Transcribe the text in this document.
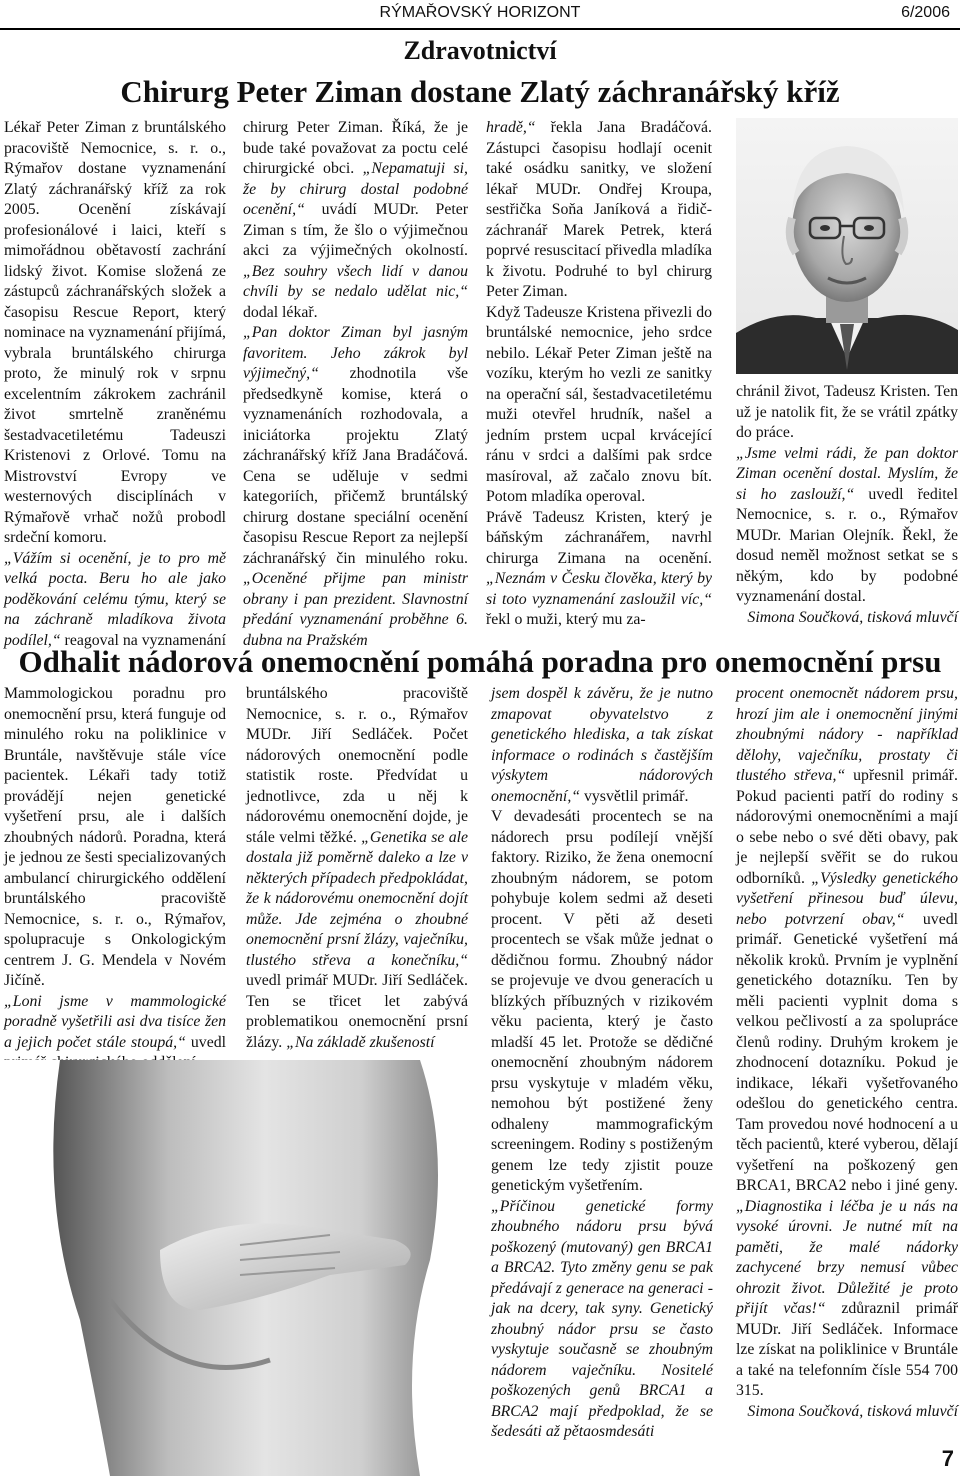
RÝMAŘOVSKÝ HORIZONT	6/2006
Zdravotnictví
Chirurg Peter Ziman dostane Zlatý záchranářský kříž

Lékař Peter Ziman z bruntálského pracoviště Nemocnice, s. r. o., Rýmařov dostane vyznamenání Zlatý záchranářský kříž za rok 2005. Ocenění získávají profesionálové i laici, kteří s mimořádnou obětavostí zachrání lidský život. Komise složená ze zástupců záchranářských složek a časopisu Rescue Report, který nominace na vyznamenání přijímá, vybrala bruntálského chirurga proto, že minulý rok v srpnu excelentním zákrokem zachránil život smrtelně zraněnému šestadvacetiletému Tadeuszi Kristenovi z Orlové. Tomu na Mistrovství Evropy ve westernových disciplínách v Rýmařově vrhač nožů probodl srdeční komoru.

„Vážím si ocenění, je to pro mě velká pocta. Beru ho ale jako poděkování celému týmu, který se na záchraně mladíkova života podílel,“ reagoval na vyznamenání

chirurg Peter Ziman. Říká, že je bude také považovat za poctu celé chirurgické obci. „Nepamatuji si, že by chirurg dostal podobné ocenění,“ uvádí MUDr. Peter Ziman s tím, že šlo o výjimečnou akci za výjimečných okolností. „Bez souhry všech lidí v danou chvíli by se nedalo udělat nic,“ dodal lékař.

„Pan doktor Ziman byl jasným favoritem. Jeho zákrok byl výjimečný,“ zhodnotila vše předsedkyně komise, která o vyznamenáních rozhodovala, a iniciátorka projektu Zlatý záchranářský kříž Jana Bradáčová. Cena se uděluje v sedmi kategoriích, přičemž bruntálský chirurg dostane speciální ocenění časopisu Rescue Report za nejlepší záchranářský čin minulého roku. „Oceněné přijme pan ministr obrany i pan prezident. Slavnostní předání vyznamenání proběhne 6. dubna na Pražském

hradě,“ řekla Jana Bradáčová. Zástupci časopisu hodlají ocenit také osádku sanitky, ve složení lékař MUDr. Ondřej Kroupa, sestřička Soňa Janíková a řidič-záchranář Marek Petrek, která poprvé resuscitací přivedla mladíka k životu. Podruhé to byl chirurg Peter Ziman.

Když Tadeusze Kristena přivezli do bruntálské nemocnice, jeho srdce nebilo. Lékař Peter Ziman ještě na vozíku, kterým ho vezli ze sanitky na operační sál, šestadvacetiletému muži otevřel hrudník, našel a jedním prstem ucpal krvácející ránu v srdci a dalšími pak srdce masíroval, až začalo znovu bít. Potom mladíka operoval.

Právě Tadeusz Kristen, který je báňským záchranářem, navrhl chirurga Zimana na ocenění. „Neznám v Česku člověka, který by si toto vyznamenání zasloužil víc,“ řekl o muži, který mu za-

chránil život, Tadeusz Kristen. Ten už je natolik fit, že se vrátil zpátky do práce.

„Jsme velmi rádi, že pan doktor Ziman ocenění dostal. Myslím, že si ho zaslouží,“ uvedl ředitel Nemocnice, s. r. o., Rýmařov MUDr. Marian Olejník. Řekl, že dosud neměl možnost setkat se s někým, kdo by podobné vyznamenání dostal.

Simona Součková, tisková mluvčí

Odhalit nádorová onemocnění pomáhá poradna pro onemocnění prsu

Mammologickou poradnu pro onemocnění prsu, která funguje od minulého roku na poliklinice v Bruntále, navštěvuje stále více pacientek. Lékaři tady totiž provádějí nejen genetické vyšetření prsu, ale i dalších zhoubných nádorů. Poradna, která je jednou ze šesti specializovaných ambulancí chirurgického oddělení bruntálského pracoviště Nemocnice, s. r. o., Rýmařov, spolupracuje s Onkologickým centrem J. G. Mendela v Novém Jičíně.

„Loni jsme v mammologické poradně vyšetřili asi dva tisíce žen a jejich počet stále stoupá,“ uvedl

bruntálského pracoviště Nemocnice, s. r. o., Rýmařov MUDr. Jiří Sedláček. Počet nádorových onemocnění podle statistik roste. Předvídat u jednotlivce, zda u něj k nádorovému onemocnění dojde, je stále velmi těžké. „Genetika se ale dostala již poměrně daleko a lze v některých případech předpokládat, že k nádorovému onemocnění dojít může. Jde zejména o zhoubné onemocnění prsní žlázy, vaječníku, tlustého střeva a konečníku,“ uvedl primář MUDr. Jiří Sedláček. Ten se třicet let zabývá problematikou onemocnění prsní žlázy. „Na základě zkušeností

jsem dospěl k závěru, že je nutno zmapovat obyvatelstvo z genetického hlediska, a tak získat informace o rodinách s častějším výskytem nádorových onemocnění,“ vysvětlil primář.

V devadesáti procentech se na nádorech prsu podílejí vnější faktory. Riziko, že žena onemocní zhoubným nádorem, se potom pohybuje kolem sedmi až deseti procent. V pěti až deseti procentech se však může jednat o dědičnou formu. Zhoubný nádor se projevuje ve dvou generacích u blízkých příbuzných v rizikovém věku pacienta, který je často mladší 45 let. Protože se dědičné onemocnění zhoubným nádorem prsu vyskytuje v mladém věku, nemohou být postižené ženy odhaleny mammografickým screeningem. Rodiny s postiženým genem lze tedy zjistit pouze genetickým vyšetřením.

„Příčinou genetické formy zhoubného nádoru prsu bývá poškozený (mutovaný) gen BRCA1 a BRCA2. Tyto změny genu se pak předávají z generace na generaci - jak na dcery, tak syny. Genetický zhoubný nádor prsu se často vyskytuje současně se zhoubným nádorem vaječníku. Nositelé poškozených genů BRCA1 a BRCA2 mají předpoklad, že se šedesáti až pětaosmdesáti

procent onemocnět nádorem prsu, hrozí jim ale i onemocnění jinými zhoubnými nádory - například dělohy, vaječníku, prostaty či tlustého střeva,“ upřesnil primář. Pokud pacienti patří do rodiny s nádorovými onemocněními a mají o sebe nebo o své děti obavy, pak je nejlepší svěřit se do rukou odborníků. „Výsledky genetického vyšetření přinesou buď úlevu, nebo potvrzení obav,“ uvedl primář. Genetické vyšetření má několik kroků. Prvním je vyplnění genetického dotazníku. Ten by měli pacienti vyplnit doma s velkou pečlivostí a za spolupráce členů rodiny. Druhým krokem je zhodnocení dotazníku. Pokud je indikace, lékaři vyšetřovaného odešlou do genetického centra. Tam provedou nové hodnocení a u těch pacientů, které vyberou, dělají vyšetření na poškozený gen BRCA1, BRCA2 nebo i jiné geny. „Diagnostika i léčba je u nás na vysoké úrovni. Je nutné mít na paměti, že malé nádorky zachycené brzy nemusí vůbec ohrozit život. Důležité je proto přijít včas!“ zdůraznil primář MUDr. Jiří Sedláček. Informace lze získat na poliklinice v Bruntále a také na telefonním čísle 554 700 315.

Simona Součková, tisková mluvčí

7
